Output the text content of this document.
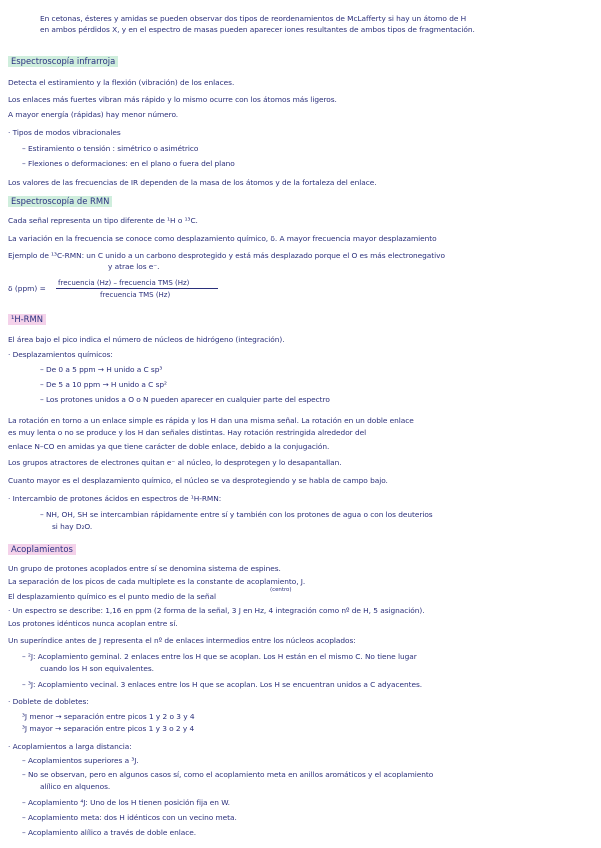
En cetonas, ésteres y amidas se pueden observar dos tipos de reordenamientos de McLafferty si hay un átomo de H
en ambos pérdidos X, y en el espectro de masas pueden aparecer iones resultantes de ambos tipos de fragmentación.
Espectroscopía infrarroja
Detecta el estiramiento y la flexión (vibración) de los enlaces.
Los enlaces más fuertes vibran más rápido y lo mismo ocurre con los átomos más ligeros.
A mayor energía (rápidas) hay menor número.
· Tipos de modos vibracionales
– Estiramiento o tensión : simétrico o asimétrico
– Flexiones o deformaciones: en el plano o fuera del plano
Los valores de las frecuencias de IR dependen de la masa de los átomos y de la fortaleza del enlace.
Espectroscopía de RMN
Cada señal representa un tipo diferente de ¹H o ¹³C.
La variación en la frecuencia se conoce como desplazamiento químico, δ. A mayor frecuencia mayor desplazamiento
Ejemplo de ¹³C-RMN: un C unido a un carbono desprotegido y está más desplazado porque el O es más electronegativo
y atrae los e⁻.
δ (ppm) =
frecuencia (Hz) – frecuencia TMS (Hz)
frecuencia TMS (Hz)
¹H-RMN
El área bajo el pico indica el número de núcleos de hidrógeno (integración).
· Desplazamientos químicos:
– De 0 a 5 ppm → H unido a C sp³
– De 5 a 10 ppm → H unido a C sp²
– Los protones unidos a O o N pueden aparecer en cualquier parte del espectro
La rotación en torno a un enlace simple es rápida y los H dan una misma señal. La rotación en un doble enlace
es muy lenta o no se produce y los H dan señales distintas. Hay rotación restringida alrededor del
enlace N–CO en amidas ya que tiene carácter de doble enlace, debido a la conjugación.
Los grupos atractores de electrones quitan e⁻ al núcleo, lo desprotegen y lo desapantallan.
Cuanto mayor es el desplazamiento químico, el núcleo se va desprotegiendo y se habla de campo bajo.
· Intercambio de protones ácidos en espectros de ¹H-RMN:
– NH, OH, SH se intercambian rápidamente entre sí y también con los protones de agua o con los deuterios
si hay D₂O.
Acoplamientos
Un grupo de protones acoplados entre sí se denomina sistema de espines.
La separación de los picos de cada multiplete es la constante de acoplamiento, J.
El desplazamiento químico es el punto medio de la señal
(centro)
· Un espectro se describe: 1,16 en ppm (2 forma de la señal, 3 J en Hz, 4 integración como nº de H, 5 asignación).
Los protones idénticos nunca acoplan entre sí.
Un superíndice antes de J representa el nº de enlaces intermedios entre los núcleos acoplados:
– ²J: Acoplamiento geminal. 2 enlaces entre los H que se acoplan. Los H están en el mismo C. No tiene lugar
cuando los H son equivalentes.
– ³J: Acoplamiento vecinal. 3 enlaces entre los H que se acoplan. Los H se encuentran unidos a C adyacentes.
· Doblete de dobletes:
³J menor → separación entre picos 1 y 2 o 3 y 4
³J mayor → separación entre picos 1 y 3 o 2 y 4
· Acoplamientos a larga distancia:
– Acoplamientos superiores a ³J.
– No se observan, pero en algunos casos sí, como el acoplamiento meta en anillos aromáticos y el acoplamiento
alílico en alquenos.
– Acoplamiento ⁴J: Uno de los H tienen posición fija en W.
– Acoplamiento meta: dos H idénticos con un vecino meta.
– Acoplamiento alílico a través de doble enlace.
